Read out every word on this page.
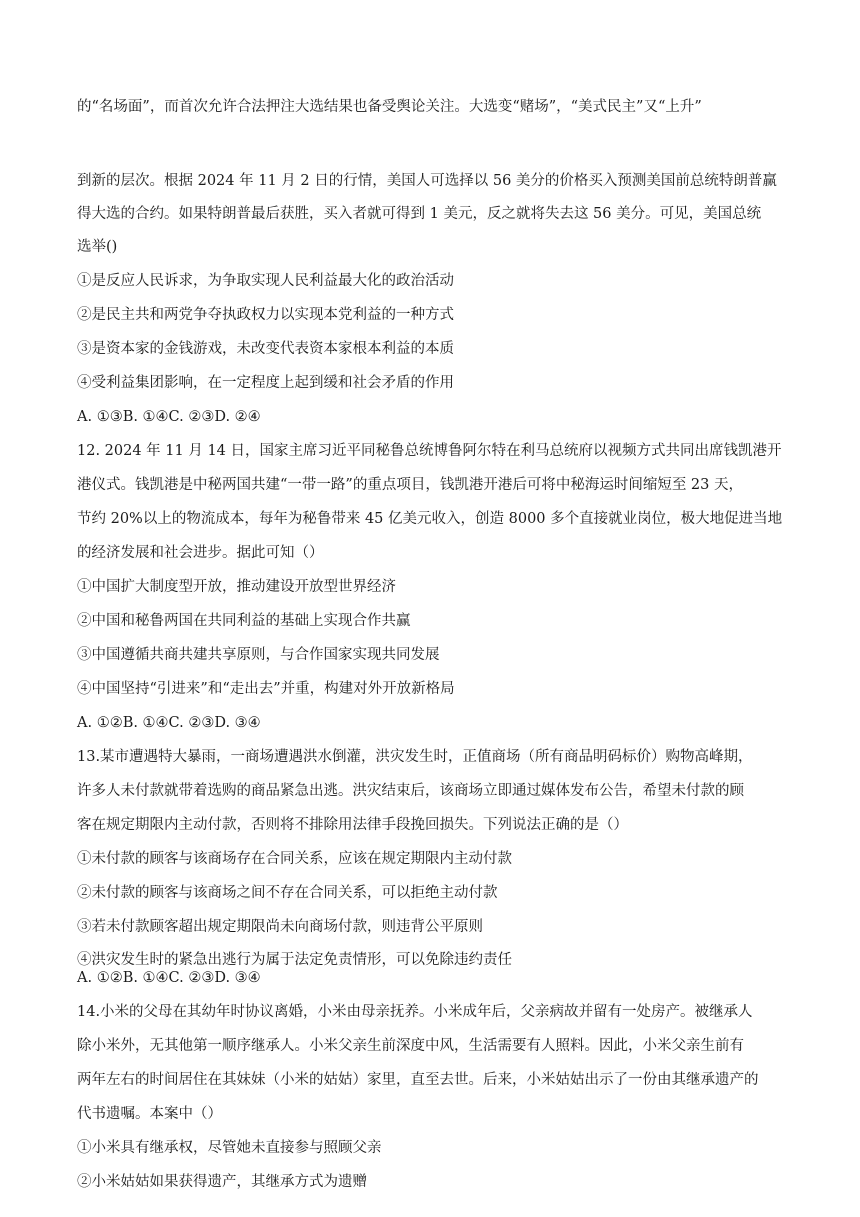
的“名场面”，而首次允许合法押注大选结果也备受舆论关注。大选变“赌场”，“美式民主”又“上升”
到新的层次。根据 2024 年 11 月 2 日的行情，美国人可选择以 56 美分的价格买入预测美国前总统特朗普赢
得大选的合约。如果特朗普最后获胜，买入者就可得到 1 美元，反之就将失去这 56 美分。可见，美国总统
选举()
①是反应人民诉求，为争取实现人民利益最大化的政治活动
②是民主共和两党争夺执政权力以实现本党利益的一种方式
③是资本家的金钱游戏，未改变代表资本家根本利益的本质
④受利益集团影响，在一定程度上起到缓和社会矛盾的作用
A. ①③B. ①④C. ②③D. ②④
12. 2024 年 11 月 14 日，国家主席习近平同秘鲁总统博鲁阿尔特在利马总统府以视频方式共同出席钱凯港开
港仪式。钱凯港是中秘两国共建“一带一路”的重点项目，钱凯港开港后可将中秘海运时间缩短至 23 天，
节约 20%以上的物流成本，每年为秘鲁带来 45 亿美元收入，创造 8000 多个直接就业岗位，极大地促进当地
的经济发展和社会进步。据此可知（）
①中国扩大制度型开放，推动建设开放型世界经济
②中国和秘鲁两国在共同利益的基础上实现合作共赢
③中国遵循共商共建共享原则，与合作国家实现共同发展
④中国坚持“引进来”和“走出去”并重，构建对外开放新格局
A. ①②B. ①④C. ②③D. ③④
13.某市遭遇特大暴雨，一商场遭遇洪水倒灌，洪灾发生时，正值商场（所有商品明码标价）购物高峰期，
许多人未付款就带着选购的商品紧急出逃。洪灾结束后，该商场立即通过媒体发布公告，希望未付款的顾
客在规定期限内主动付款，否则将不排除用法律手段挽回损失。下列说法正确的是（）
①未付款的顾客与该商场存在合同关系，应该在规定期限内主动付款
②未付款的顾客与该商场之间不存在合同关系，可以拒绝主动付款
③若未付款顾客超出规定期限尚未向商场付款，则违背公平原则
④洪灾发生时的紧急出逃行为属于法定免责情形，可以免除违约责任
A. ①②B. ①④C. ②③D. ③④
14.小米的父母在其幼年时协议离婚，小米由母亲抚养。小米成年后，父亲病故并留有一处房产。被继承人
除小米外，无其他第一顺序继承人。小米父亲生前深度中风，生活需要有人照料。因此，小米父亲生前有
两年左右的时间居住在其妹妹（小米的姑姑）家里，直至去世。后来，小米姑姑出示了一份由其继承遗产的
代书遗嘱。本案中（）
①小米具有继承权，尽管她未直接参与照顾父亲
②小米姑姑如果获得遗产，其继承方式为遗赠
